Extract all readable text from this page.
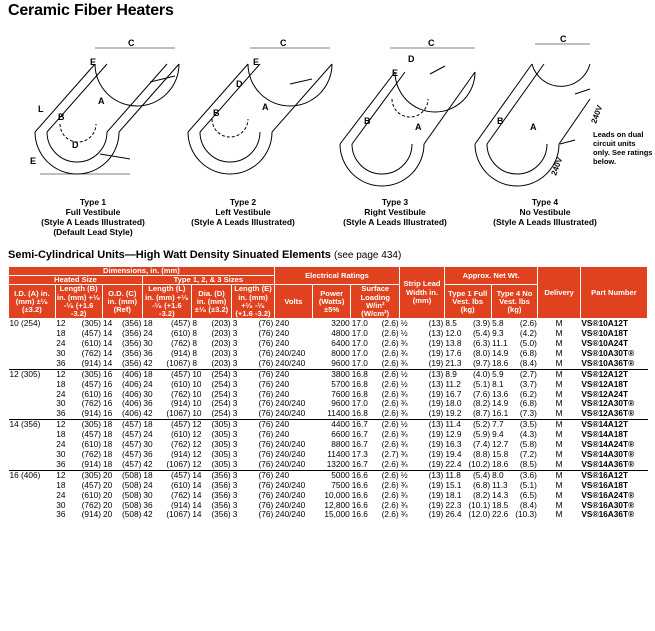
Ceramic Fiber Heaters
C
B
A
L
D
E
E
C
B
A
D
E
C
B
A
D
E
C
B
A
240V
240V
Type 1
Full Vestibule
(Style A Leads Illustrated)
(Default Lead Style)
Type 2
Left Vestibule
(Style A Leads Illustrated)
Type 3
Right Vestibule
(Style A Leads Illustrated)
Type 4
No Vestibule
(Style A Leads Illustrated)
Leads on dual circuit units only. See ratings below.
Semi-Cylindrical Units—High Watt Density Sinuated Elements (see page 434)
Dimensions, in. (mm)						Electrical Ratings			Strip Lead Width in. (mm)	Approx. Net Wt.		Delivery	Part Number
Heated Size			Type 1, 2, & 3 Sizes										
I.D. (A) in. (mm) ±¹⁄₈ (±3.2)	Length (B) in. (mm) +¹⁄₈ -¹⁄₈ (+1.6 -3.2)	O.D. (C) in. (mm) (Ref)	Length (L) in. (mm) +¹⁄₈ -¹⁄₈ (+1.6 -3.2)	Dia. (D) in. (mm) ±¹⁄₈ (±3.2)	Length (E) in. (mm) +¹⁄₈ -¹⁄₈ (+1.6 -3.2)	Volts	Power (Watts) ±5%	Surface Loading W/in² (W/cm²)		Type 1 Full Vest. lbs (kg)	Type 4 No Vest. lbs (kg)		
10 (254)	12 (305)	14 (356)	18 (457)	8 (203)	3 (76)	240	3200	17.0 (2.6)	½ (13)	8.5 (3.9)	5.8 (2.6)	M	VS®10A12T
	18 (457)	14 (356)	24 (610)	8 (203)	3 (76)	240	4800	17.0 (2.6)	½ (13)	12.0 (5.4)	9.3 (4.2)	M	VS®10A18T
	24 (610)	14 (356)	30 (762)	8 (203)	3 (76)	240	6400	17.0 (2.6)	¾ (19)	13.8 (6.3)	11.1 (5.0)	M	VS®10A24T
	30 (762)	14 (356)	36 (914)	8 (203)	3 (76)	240/240	8000	17.0 (2.6)	¾ (19)	17.6 (8.0)	14.9 (6.8)	M	VS®10A30T®
	36 (914)	14 (356)	42 (1067)	8 (203)	3 (76)	240/240	9600	17.0 (2.6)	¾ (19)	21.3 (9.7)	18.6 (8.4)	M	VS®10A36T®
12 (305)	12 (305)	16 (406)	18 (457)	10 (254)	3 (76)	240	3800	16.8 (2.6)	½ (13)	8.9 (4.0)	5.9 (2.7)	M	VS®12A12T
	18 (457)	16 (406)	24 (610)	10 (254)	3 (76)	240	5700	16.8 (2.6)	½ (13)	11.2 (5.1)	8.1 (3.7)	M	VS®12A18T
	24 (610)	16 (406)	30 (762)	10 (254)	3 (76)	240	7600	16.8 (2.6)	¾ (19)	16.7 (7.6)	13.6 (6.2)	M	VS®12A24T
	30 (762)	16 (406)	36 (914)	10 (254)	3 (76)	240/240	9600	17.0 (2.6)	¾ (19)	18.0 (8.2)	14.9 (6.8)	M	VS®12A30T®
	36 (914)	16 (406)	42 (1067)	10 (254)	3 (76)	240/240	11400	16.8 (2.6)	¾ (19)	19.2 (8.7)	16.1 (7.3)	M	VS®12A36T®
14 (356)	12 (305)	18 (457)	18 (457)	12 (305)	3 (76)	240	4400	16.7 (2.6)	½ (13)	11.4 (5.2)	7.7 (3.5)	M	VS®14A12T
	18 (457)	18 (457)	24 (610)	12 (305)	3 (76)	240	6600	16.7 (2.6)	¾ (19)	12.9 (5.9)	9.4 (4.3)	M	VS®14A18T
	24 (610)	18 (457)	30 (762)	12 (305)	3 (76)	240/240	8800	16.7 (2.6)	¾ (19)	16.3 (7.4)	12.7 (5.8)	M	VS®14A24T®
	30 (762)	18 (457)	36 (914)	12 (305)	3 (76)	240/240	11400	17.3 (2.7)	¾ (19)	19.4 (8.8)	15.8 (7.2)	M	VS®14A30T®
	36 (914)	18 (457)	42 (1067)	12 (305)	3 (76)	240/240	13200	16.7 (2.6)	¾ (19)	22.4 (10.2)	18.6 (8.5)	M	VS®14A36T®
16 (406)	12 (305)	20 (508)	18 (457)	14 (356)	3 (76)	240	5000	16.6 (2.6)	½ (13)	11.8 (5.4)	8.0 (3.6)	M	VS®16A12T
	18 (457)	20 (508)	24 (610)	14 (356)	3 (76)	240/240	7500	16.6 (2.6)	¾ (19)	15.1 (6.8)	11.3 (5.1)	M	VS®16A18T
	24 (610)	20 (508)	30 (762)	14 (356)	3 (76)	240/240	10,000	16.6 (2.6)	¾ (19)	18.1 (8.2)	14.3 (6.5)	M	VS®16A24T®
	30 (762)	20 (508)	36 (914)	14 (356)	3 (76)	240/240	12,800	16.6 (2.6)	¾ (19)	22.3 (10.1)	18.5 (8.4)	M	VS®16A30T®
	36 (914)	20 (508)	42 (1067)	14 (356)	3 (76)	240/240	15,000	16.6 (2.6)	¾ (19)	26.4 (12.0)	22.6 (10.3)	M	VS®16A36T®
